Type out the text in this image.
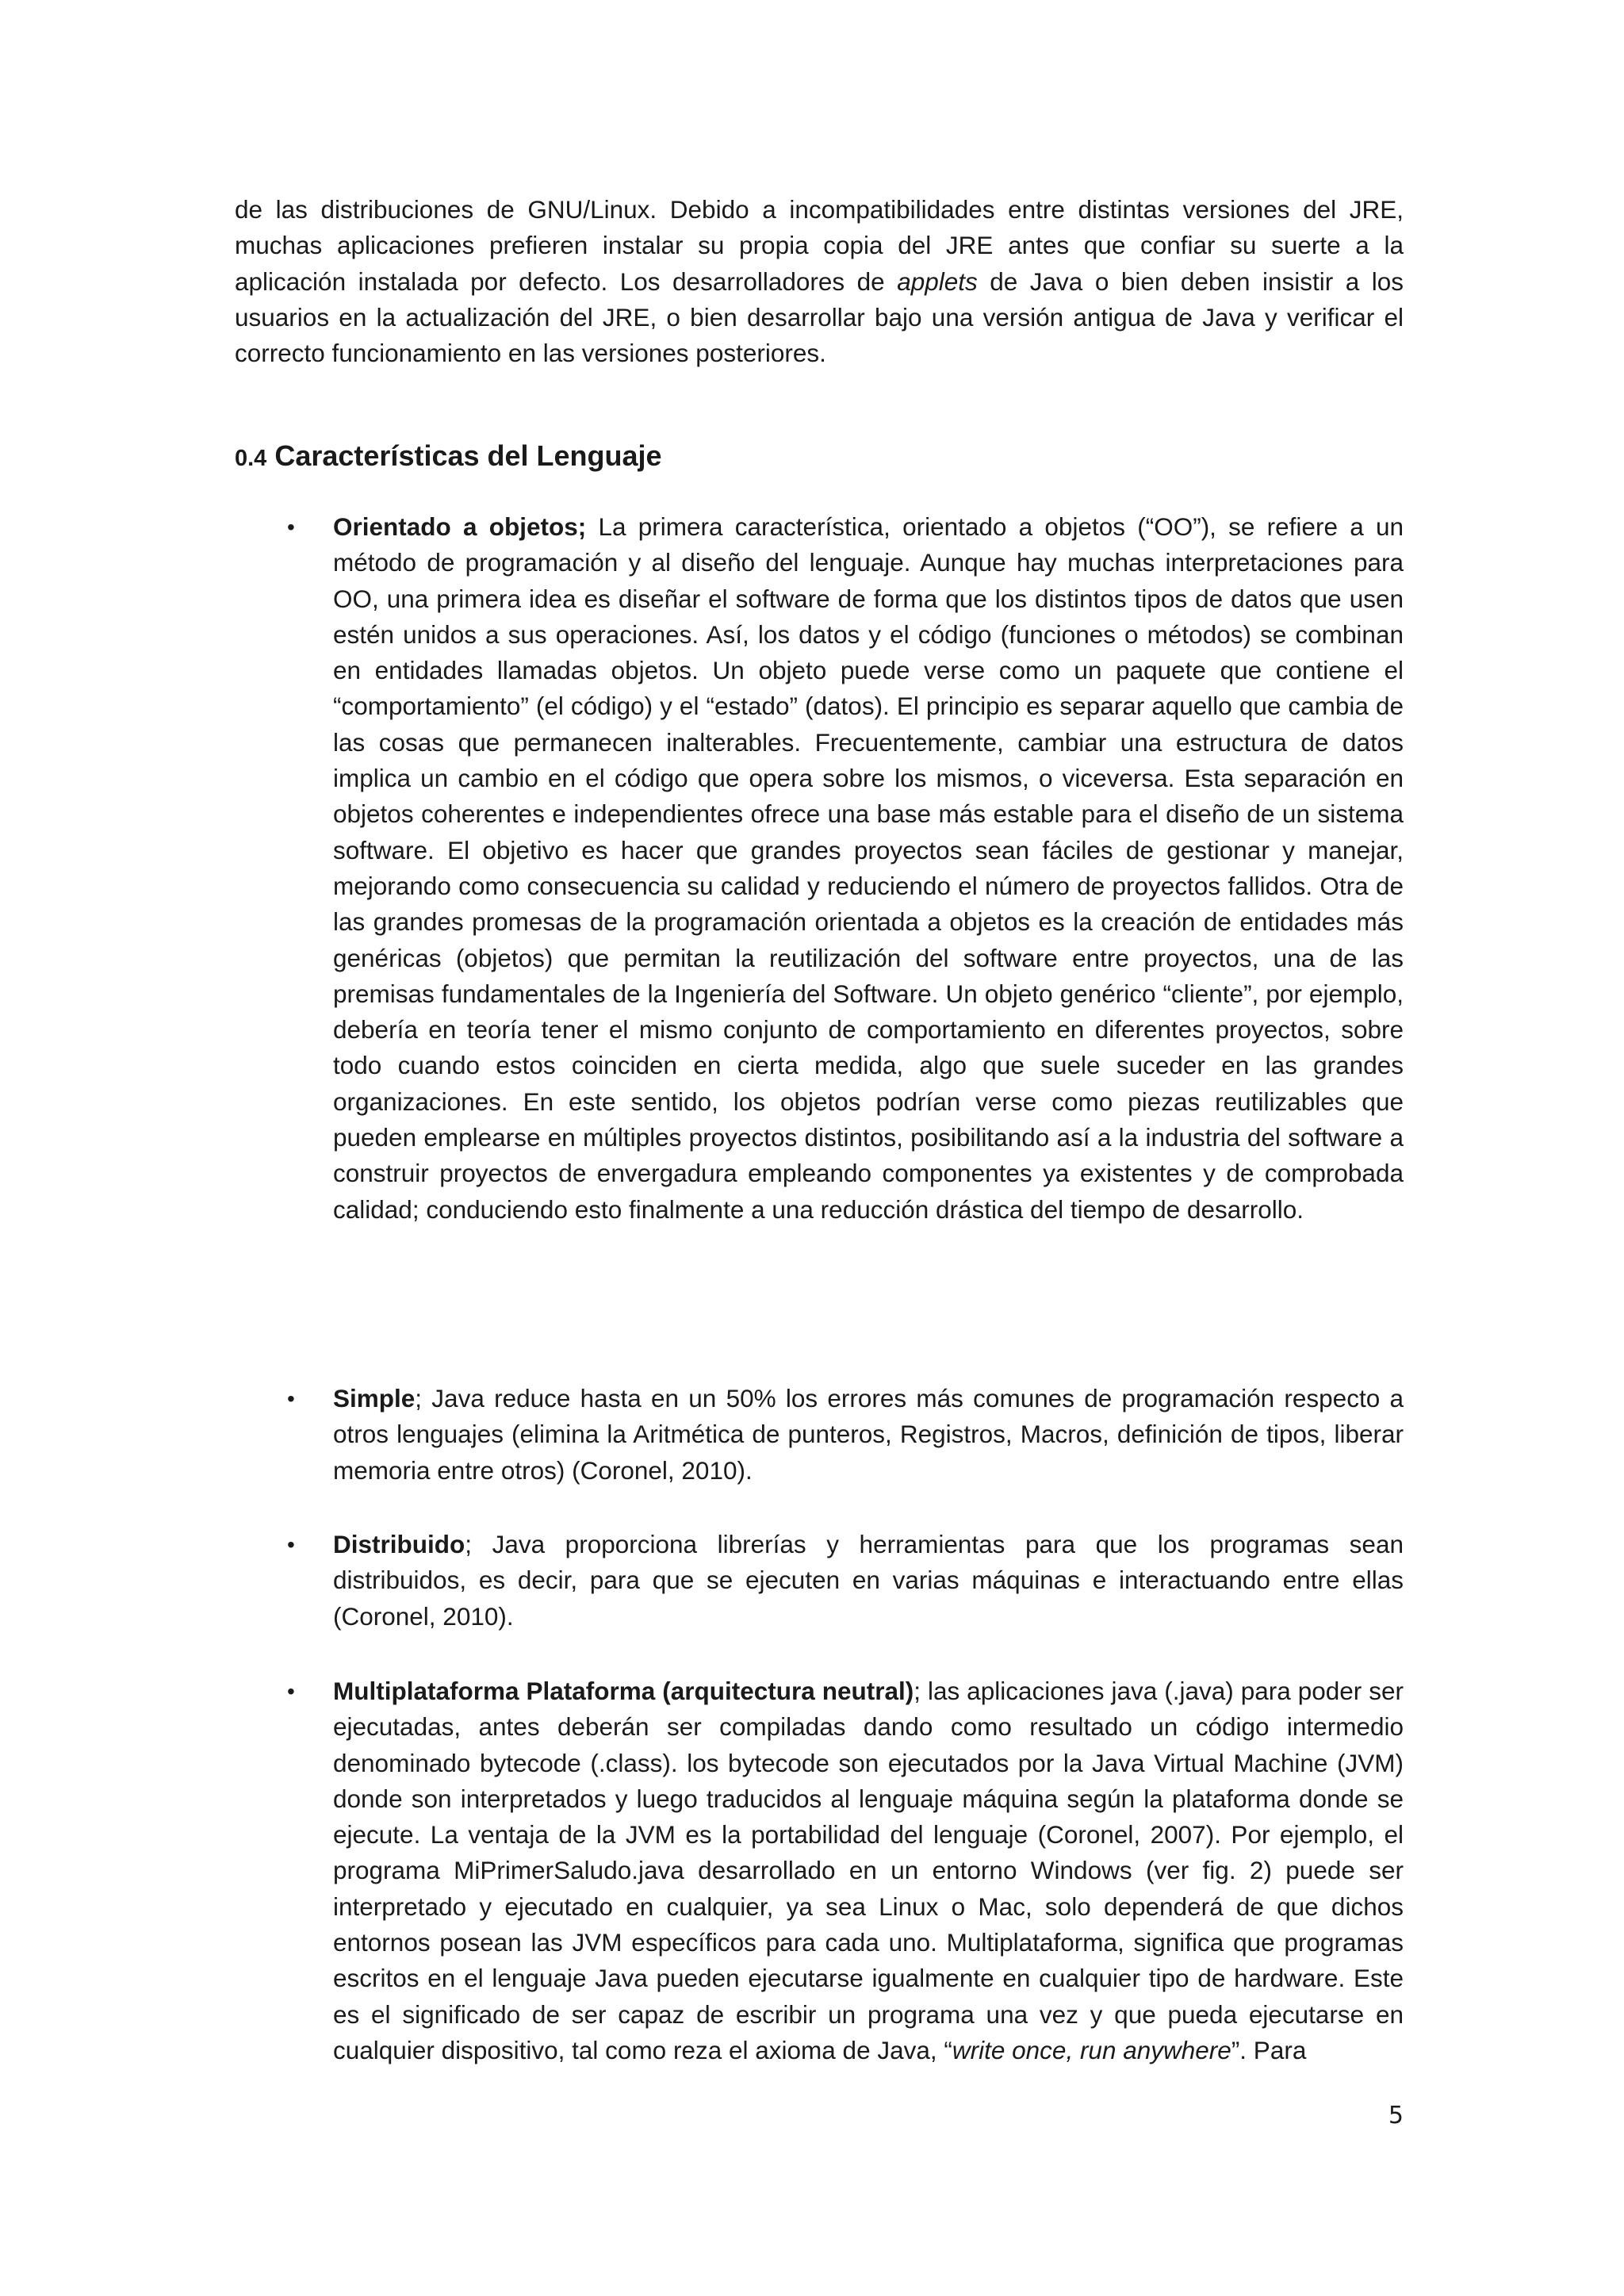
de las distribuciones de GNU/Linux. Debido a incompatibilidades entre distintas versiones del JRE, muchas aplicaciones prefieren instalar su propia copia del JRE antes que confiar su suerte a la aplicación instalada por defecto. Los desarrolladores de applets de Java o bien deben insistir a los usuarios en la actualización del JRE, o bien desarrollar bajo una versión antigua de Java y verificar el correcto funcionamiento en las versiones posteriores.

0.4 Características del Lenguaje
• Orientado a objetos; La primera característica, orientado a objetos (“OO”), se refiere a un método de programación y al diseño del lenguaje. Aunque hay muchas interpretaciones para OO, una primera idea es diseñar el software de forma que los distintos tipos de datos que usen estén unidos a sus operaciones. Así, los datos y el código (funciones o métodos) se combinan en entidades llamadas objetos. Un objeto puede verse como un paquete que contiene el “comportamiento” (el código) y el “estado” (datos). El principio es separar aquello que cambia de las cosas que permanecen inalterables. Frecuentemente, cambiar una estructura de datos implica un cambio en el código que opera sobre los mismos, o viceversa. Esta separación en objetos coherentes e independientes ofrece una base más estable para el diseño de un sistema software. El objetivo es hacer que grandes proyectos sean fáciles de gestionar y manejar, mejorando como consecuencia su calidad y reduciendo el número de proyectos fallidos. Otra de las grandes promesas de la programación orientada a objetos es la creación de entidades más genéricas (objetos) que permitan la reutilización del software entre proyectos, una de las premisas fundamentales de la Ingeniería del Software. Un objeto genérico “cliente”, por ejemplo, debería en teoría tener el mismo conjunto de comportamiento en diferentes proyectos, sobre todo cuando estos coinciden en cierta medida, algo que suele suceder en las grandes organizaciones. En este sentido, los objetos podrían verse como piezas reutilizables que pueden emplearse en múltiples proyectos distintos, posibilitando así a la industria del software a construir proyectos de envergadura empleando componentes ya existentes y de comprobada calidad; conduciendo esto finalmente a una reducción drástica del tiempo de desarrollo.
• Simple; Java reduce hasta en un 50% los errores más comunes de programación respecto a otros lenguajes (elimina la Aritmética de punteros, Registros, Macros, definición de tipos, liberar memoria entre otros) (Coronel, 2010).
• Distribuido; Java proporciona librerías y herramientas para que los programas sean distribuidos, es decir, para que se ejecuten en varias máquinas e interactuando entre ellas (Coronel, 2010).
• Multiplataforma Plataforma (arquitectura neutral); las aplicaciones java (.java) para poder ser ejecutadas, antes deberán ser compiladas dando como resultado un código intermedio denominado bytecode (.class). los bytecode son ejecutados por la Java Virtual Machine (JVM) donde son interpretados y luego traducidos al lenguaje máquina según la plataforma donde se ejecute. La ventaja de la JVM es la portabilidad del lenguaje (Coronel, 2007). Por ejemplo, el programa MiPrimerSaludo.java desarrollado en un entorno Windows (ver fig. 2) puede ser interpretado y ejecutado en cualquier, ya sea Linux o Mac, solo dependerá de que dichos entornos posean las JVM específicos para cada uno. Multiplataforma, significa que programas escritos en el lenguaje Java pueden ejecutarse igualmente en cualquier tipo de hardware. Este es el significado de ser capaz de escribir un programa una vez y que pueda ejecutarse en cualquier dispositivo, tal como reza el axioma de Java, “write once, run anywhere”. Para
5
